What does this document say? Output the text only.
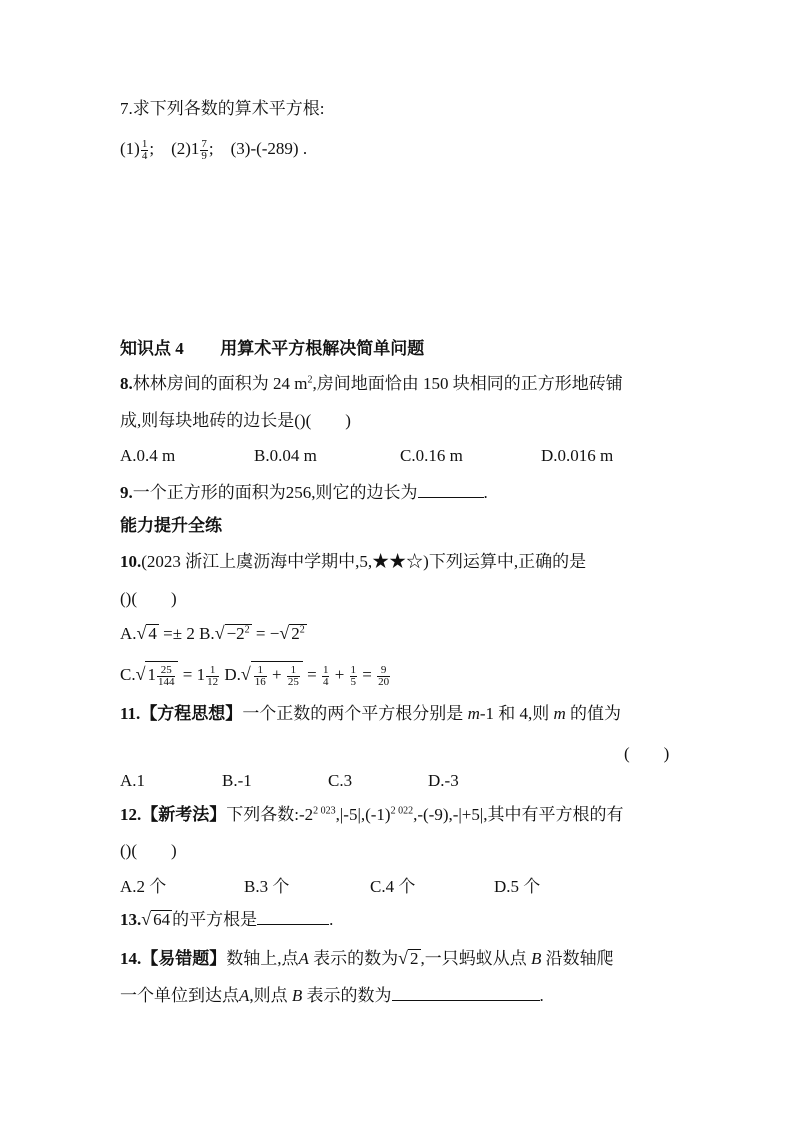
7.求下列各数的算术平方根:
$(1) \frac{1}{4}$ ; $(2)1 \frac{7}{9}$ ; (3)-(-289) .
知识点 4 用算术平方根解决简单问题
8.林林房间的面积为 24 $m^2$,房间地面恰由 150 块相同的正方形地砖铺
成,则每块地砖的边长是()(　　)
A.0.4 m	B.0.04 m	C.0.16 m	D.0.016 m
9.一个正方形的面积为256,则它的边长为	.
能力提升全练
10.(2023 浙江上虞沥海中学期中,5,★★☆)下列运算中,正确的是
()(　　)
A.√ 4 =± 2 $B.√ -2^2$ = −√ $2^2$
C.√ $1 \frac{25}{144} = 1 \frac{1}{12} D.√ \frac{1}{16} + \frac{1}{25} = \frac{1}{4} + \frac{1}{5} = \frac{9}{20}$
11.【方程思想】一个正数的两个平方根分别是 m-1 和 4,则 m 的值为
(　　)
A.1	B.-1	C.3	D.-3
12.【新考法】下列各数$:-2^{2 023},|-5|,(-1)^{2 022},-(-9),-|+5|$,其中有平方根的有
()(　　)
A.2 个	B.3 个	C.4 个	D.5 个
13.√ 64 的平方根是	.
14.【易错题】数轴上,点A 表示的数为√ 2 ,一只蚂蚁从点 B 沿数轴爬
一个单位到达点A,则点 B 表示的数为	.
